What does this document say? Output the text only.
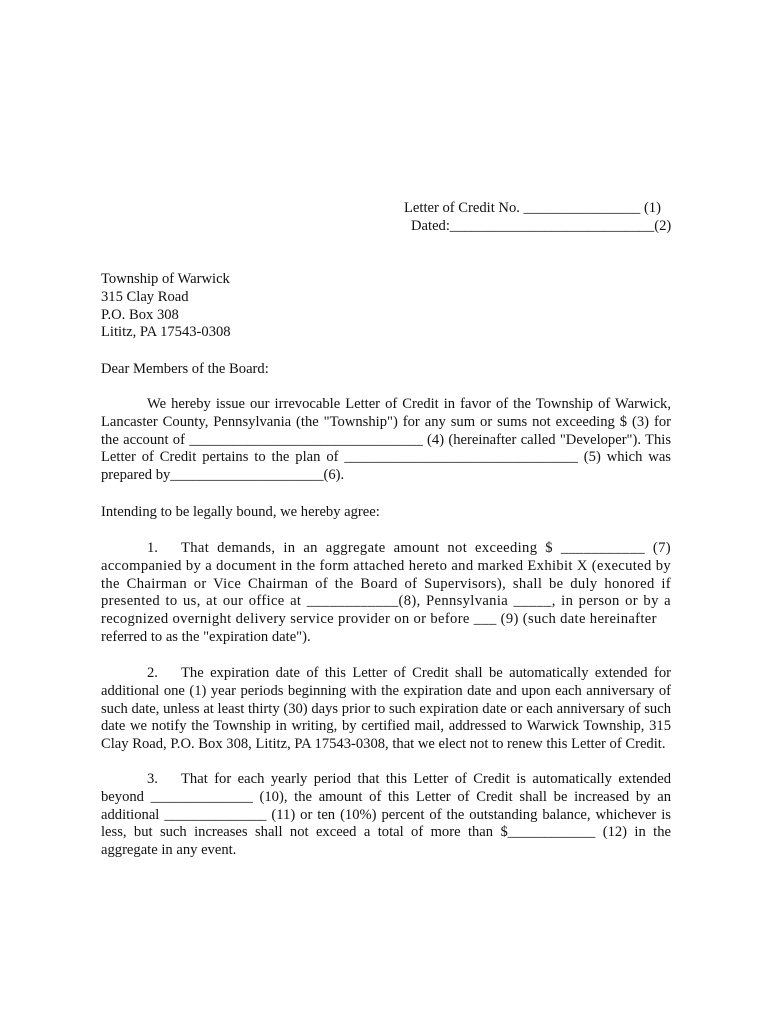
Letter of Credit No. ________________ (1)
Dated:____________________________(2)
Township of Warwick
315 Clay Road
P.O. Box 308
Lititz, PA 17543-0308

Dear Members of the Board:

We hereby issue our irrevocable Letter of Credit in favor of the Township of Warwick, Lancaster County, Pennsylvania (the "Township") for any sum or sums not exceeding $ (3) for the account of ________________________________ (4) (hereinafter called "Developer"). This Letter of Credit pertains to the plan of ________________________________ (5) which was prepared by_____________________(6).

Intending to be legally bound, we hereby agree:

1. That demands, in an aggregate amount not exceeding $ ___________ (7) accompanied by a document in the form attached hereto and marked Exhibit X (executed by the Chairman or Vice Chairman of the Board of Supervisors), shall be duly honored if presented to us, at our office at ____________(8), Pennsylvania _____, in person or by a recognized overnight delivery service provider on or before ___ (9) (such date hereinafter
referred to as the "expiration date").
2. The expiration date of this Letter of Credit shall be automatically extended for additional one (1) year periods beginning with the expiration date and upon each anniversary of such date, unless at least thirty (30) days prior to such expiration date or each anniversary of such date we notify the Township in writing, by certified mail, addressed to Warwick Township, 315 Clay Road, P.O. Box 308, Lititz, PA 17543-0308, that we elect not to renew this Letter of Credit.
3. That for each yearly period that this Letter of Credit is automatically extended beyond ______________ (10), the amount of this Letter of Credit shall be increased by an additional ______________ (11) or ten (10%) percent of the outstanding balance, whichever is less, but such increases shall not exceed a total of more than $____________ (12) in the aggregate in any event.
